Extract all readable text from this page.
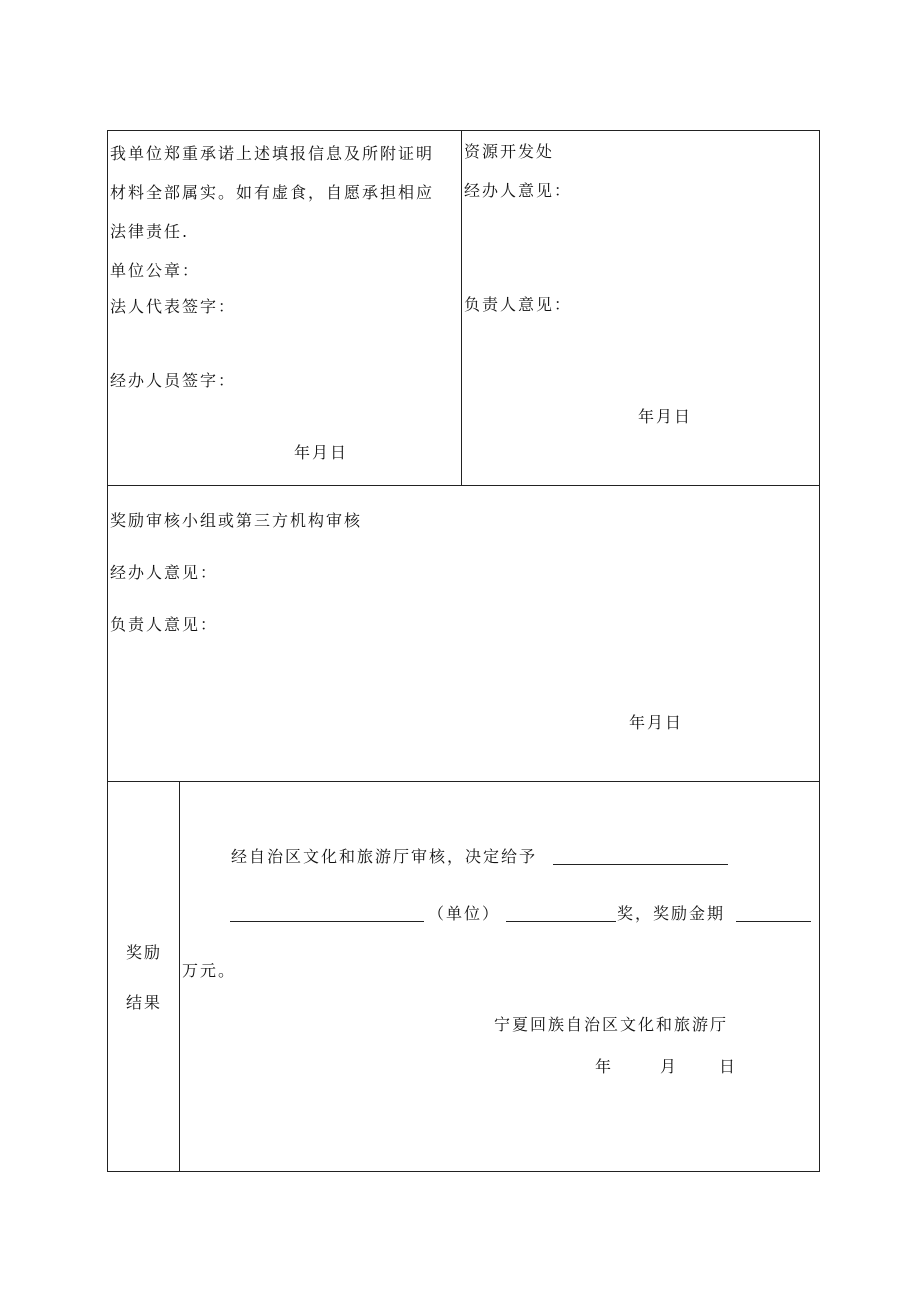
我单位郑重承诺上述填报信息及所附证明
材料全部属实。如有虚食，自愿承担相应
法律责任.
单位公章：
法人代表签字：
经办人员签字：
年月日
资源开发处
经办人意见：
负责人意见：
年月日
奖励审核小组或第三方机构审核
经办人意见：
负责人意见：
年月日
奖励
结果
经自治区文化和旅游厅审核，决定给予
（单位）	奖，奖励金期
万元。
宁夏回族自治区文化和旅游厅
年	月	日
